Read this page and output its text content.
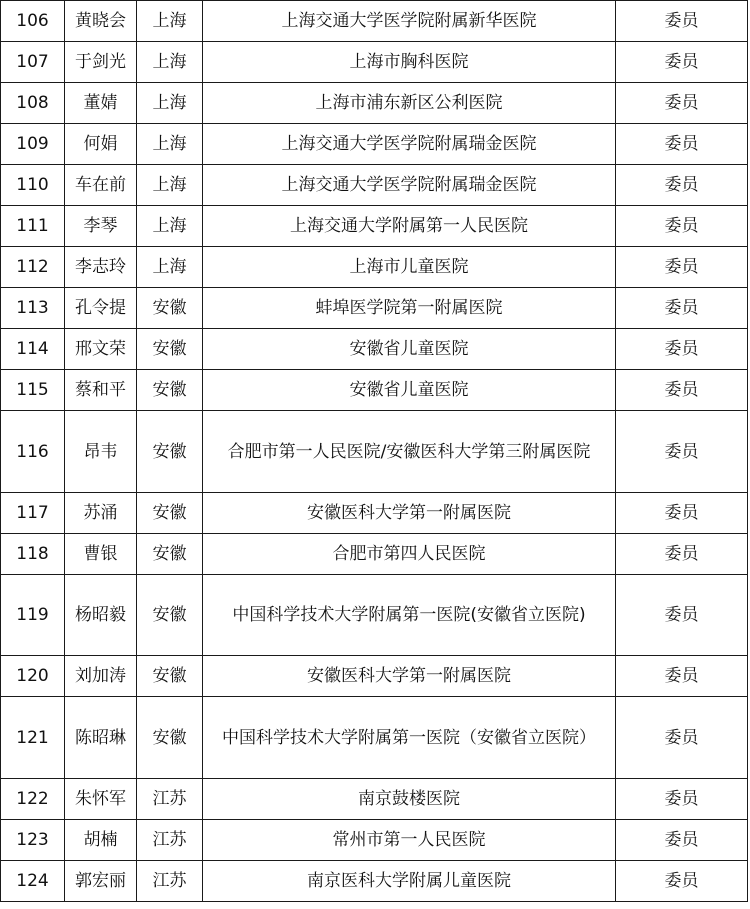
106	黄晓会	上海	上海交通大学医学院附属新华医院	委员
107	于剑光	上海	上海市胸科医院	委员
108	董婧	上海	上海市浦东新区公利医院	委员
109	何娟	上海	上海交通大学医学院附属瑞金医院	委员
110	车在前	上海	上海交通大学医学院附属瑞金医院	委员
111	李琴	上海	上海交通大学附属第一人民医院	委员
112	李志玲	上海	上海市儿童医院	委员
113	孔令提	安徽	蚌埠医学院第一附属医院	委员
114	邢文荣	安徽	安徽省儿童医院	委员
115	蔡和平	安徽	安徽省儿童医院	委员
116	昂韦	安徽	合肥市第一人民医院/安徽医科大学第三附属医院	委员
117	苏涌	安徽	安徽医科大学第一附属医院	委员
118	曹银	安徽	合肥市第四人民医院	委员
119	杨昭毅	安徽	中国科学技术大学附属第一医院(安徽省立医院)	委员
120	刘加涛	安徽	安徽医科大学第一附属医院	委员
121	陈昭琳	安徽	中国科学技术大学附属第一医院（安徽省立医院）	委员
122	朱怀军	江苏	南京鼓楼医院	委员
123	胡楠	江苏	常州市第一人民医院	委员
124	郭宏丽	江苏	南京医科大学附属儿童医院	委员
